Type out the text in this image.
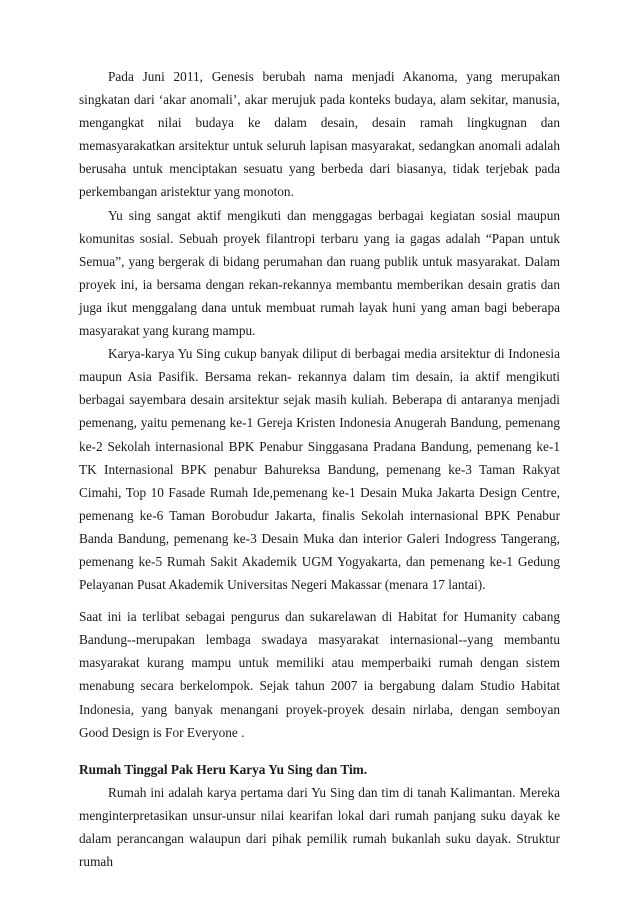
Pada Juni 2011, Genesis berubah nama menjadi Akanoma, yang merupakan singkatan dari ‘akar anomali’, akar merujuk pada konteks budaya, alam sekitar, manusia, mengangkat nilai budaya ke dalam desain, desain ramah lingkugnan dan memasyarakatkan arsitektur untuk seluruh lapisan masyarakat, sedangkan anomali adalah berusaha untuk menciptakan sesuatu yang berbeda dari biasanya, tidak terjebak pada perkembangan aristektur yang monoton.

Yu sing sangat aktif mengikuti dan menggagas berbagai kegiatan sosial maupun komunitas sosial. Sebuah proyek filantropi terbaru yang ia gagas adalah “Papan untuk Semua”, yang bergerak di bidang perumahan dan ruang publik untuk masyarakat. Dalam proyek ini, ia bersama dengan rekan-rekannya membantu memberikan desain gratis dan juga ikut menggalang dana untuk membuat rumah layak huni yang aman bagi beberapa masyarakat yang kurang mampu.

Karya-karya Yu Sing cukup banyak diliput di berbagai media arsitektur di Indonesia maupun Asia Pasifik. Bersama rekan- rekannya dalam tim desain, ia aktif mengikuti berbagai sayembara desain arsitektur sejak masih kuliah. Beberapa di antaranya menjadi pemenang, yaitu pemenang ke-1 Gereja Kristen Indonesia Anugerah Bandung, pemenang ke-2 Sekolah internasional BPK Penabur Singgasana Pradana Bandung, pemenang ke-1 TK Internasional BPK penabur Bahureksa Bandung, pemenang ke-3 Taman Rakyat Cimahi, Top 10 Fasade Rumah Ide,pemenang ke-1 Desain Muka Jakarta Design Centre, pemenang ke-6 Taman Borobudur Jakarta, finalis Sekolah internasional BPK Penabur Banda Bandung, pemenang ke-3 Desain Muka dan interior Galeri Indogress Tangerang, pemenang ke-5 Rumah Sakit Akademik UGM Yogyakarta, dan pemenang ke-1 Gedung Pelayanan Pusat Akademik Universitas Negeri Makassar (menara 17 lantai).

Saat ini ia terlibat sebagai pengurus dan sukarelawan di Habitat for Humanity cabang Bandung--merupakan lembaga swadaya masyarakat internasional--yang membantu masyarakat kurang mampu untuk memiliki atau memperbaiki rumah dengan sistem menabung secara berkelompok. Sejak tahun 2007 ia bergabung dalam Studio Habitat Indonesia, yang banyak menangani proyek-proyek desain nirlaba, dengan semboyan Good Design is For Everyone .

Rumah Tinggal Pak Heru Karya Yu Sing dan Tim.

Rumah ini adalah karya pertama dari Yu Sing dan tim di tanah Kalimantan. Mereka menginterpretasikan unsur-unsur nilai kearifan lokal dari rumah panjang suku dayak ke dalam perancangan walaupun dari pihak pemilik rumah bukanlah suku dayak. Struktur rumah
